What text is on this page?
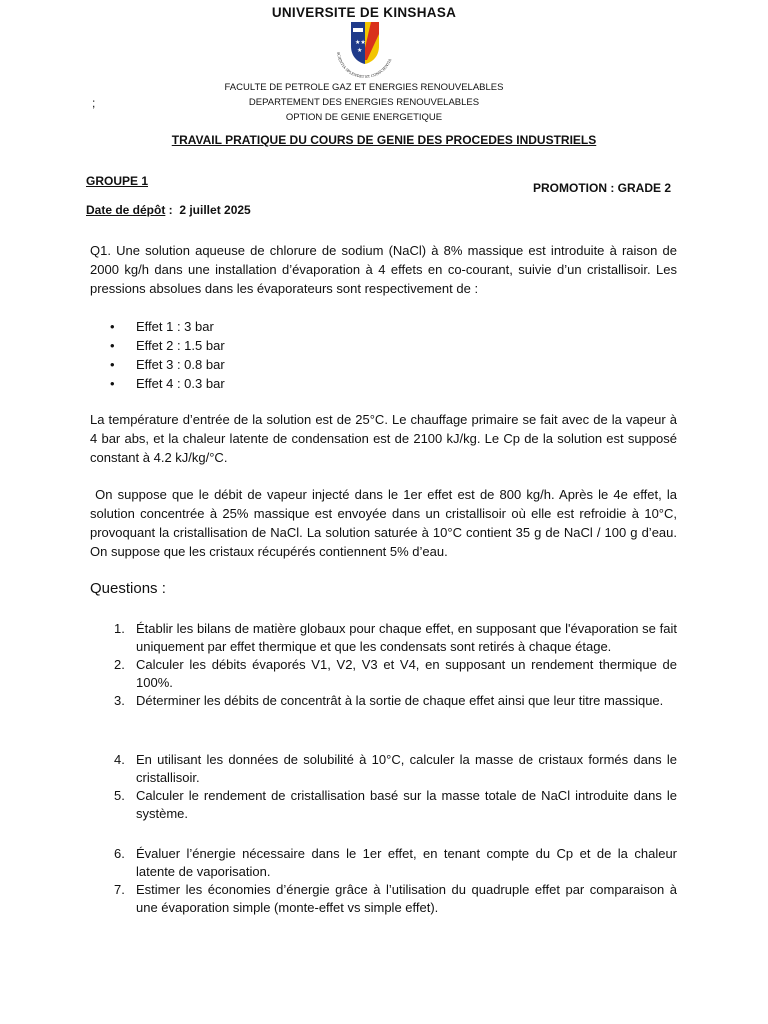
UNIVERSITE DE KINSHASA
★★
★
SCIENTIA SPLENDET ET CONSCIENTIA
FACULTE DE PETROLE GAZ ET ENERGIES RENOUVELABLES
DEPARTEMENT DES ENERGIES RENOUVELABLES
OPTION DE GENIE ENERGETIQUE
;
TRAVAIL PRATIQUE DU COURS DE GENIE DES PROCEDES INDUSTRIELS
GROUPE 1	PROMOTION : GRADE 2
Date de dépôt :  2 juillet 2025

Q1. Une solution aqueuse de chlorure de sodium (NaCl) à 8% massique est introduite à raison de 2000 kg/h dans une installation d’évaporation à 4 effets en co-courant, suivie d’un cristallisoir. Les pressions absolues dans les évaporateurs sont respectivement de :

• Effet 1 : 3 bar
• Effet 2 : 1.5 bar
• Effet 3 : 0.8 bar
• Effet 4 : 0.3 bar

La température d’entrée de la solution est de 25°C. Le chauffage primaire se fait avec de la vapeur à 4 bar abs, et la chaleur latente de condensation est de 2100 kJ/kg. Le Cp de la solution est supposé constant à 4.2 kJ/kg/°C.

On suppose que le débit de vapeur injecté dans le 1er effet est de 800 kg/h. Après le 4e effet, la solution concentrée à 25% massique est envoyée dans un cristallisoir où elle est refroidie à 10°C, provoquant la cristallisation de NaCl. La solution saturée à 10°C contient 35 g de NaCl / 100 g d’eau. On suppose que les cristaux récupérés contiennent 5% d’eau.

Questions :
1. Établir les bilans de matière globaux pour chaque effet, en supposant que l'évaporation se fait uniquement par effet thermique et que les condensats sont retirés à chaque étage.
2. Calculer les débits évaporés V1, V2, V3 et V4, en supposant un rendement thermique de 100%.
3. Déterminer les débits de concentrât à la sortie de chaque effet ainsi que leur titre massique.
4. En utilisant les données de solubilité à 10°C, calculer la masse de cristaux formés dans le cristallisoir.
5. Calculer le rendement de cristallisation basé sur la masse totale de NaCl introduite dans le système.
6. Évaluer l’énergie nécessaire dans le 1er effet, en tenant compte du Cp et de la chaleur latente de vaporisation.
7. Estimer les économies d’énergie grâce à l’utilisation du quadruple effet par comparaison à une évaporation simple (monte-effet vs simple effet).
